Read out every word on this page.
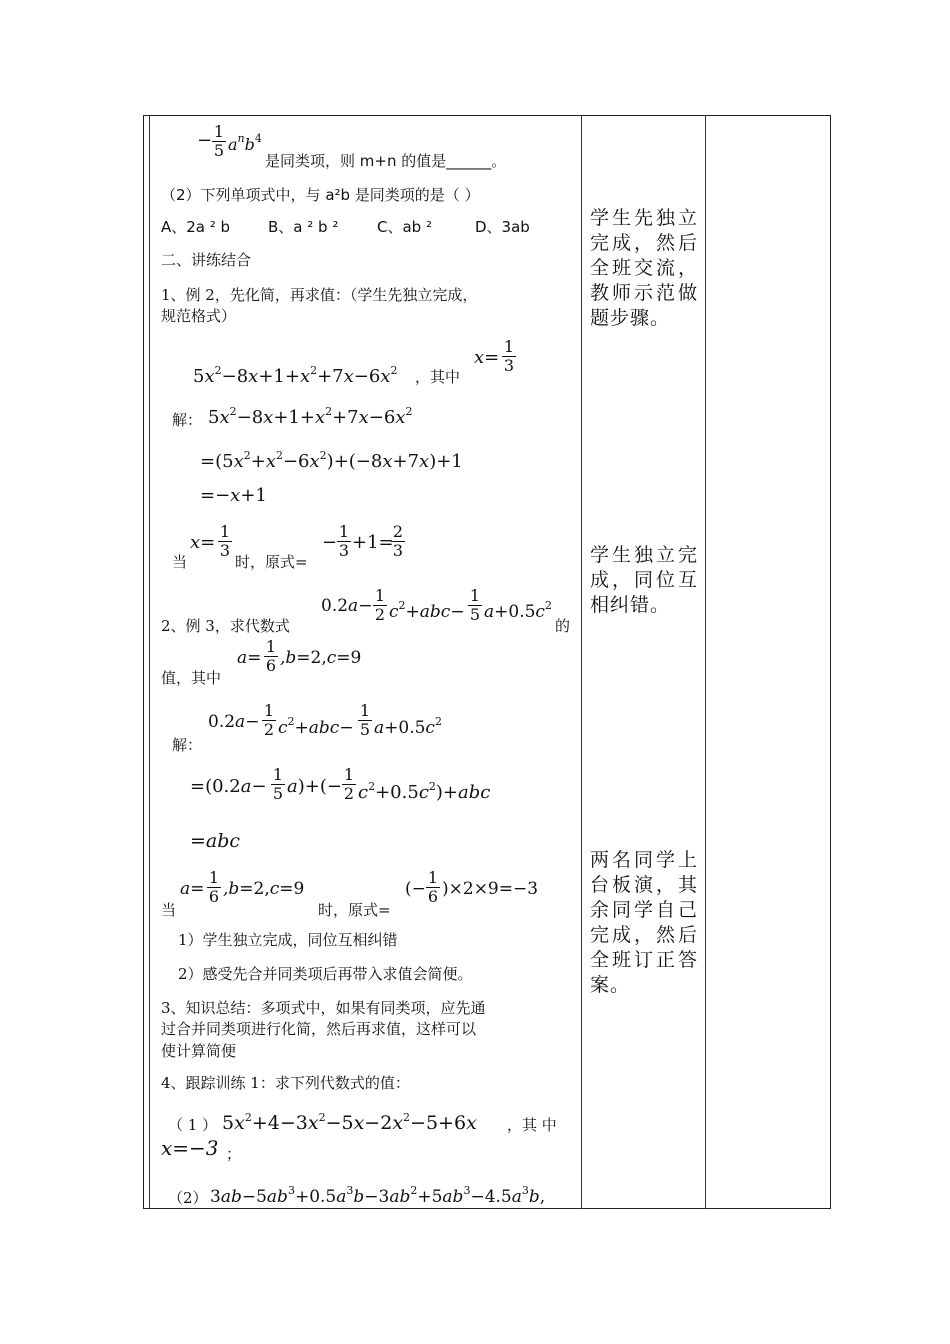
− $\frac{1}{5} a^nb^4$
是同类项，则 m+n 的值是______。
（2）下列单项式中，与 a²b 是同类项的是（ ）
A、2a ² b	B、a ² b ²	C、ab ²	D、3ab
二、讲练结合
1、例 2，先化简，再求值：（学生先独立完成，
规范格式）
$5x^2-8x+1+x^2+7x-6x^2$ ，其中
$x= \frac{1}{3}$
解： $5x^2-8x+1+x^2+7x-6x^2$
$=(5x^2+x^2-6x^2)+(-8x+7x)+1$
=−x+1
当
$x= \frac{1}{3}$
时，原式=
− $\frac{1}{3} +1=$
$\frac{2}{3}$
2、例 3，求代数式
$0.2a- \frac{1}{2} c^2+abc- \frac{1}{5} a+0.5c^2$
的
值，其中
$a= \frac{1}{6} ,b=2,c=9$
解：
$0.2a- \frac{1}{2} c^2+abc- \frac{1}{5} a+0.5c^2$
$=(0.2a- \frac{1}{5} a)+(- \frac{1}{2} c^2+0.5c^2)+abc$
=abc
当
$a= \frac{1}{6} ,b=2,c=9$
时，原式=
(− $\frac{1}{6} )\times 2\times 9=-3$
1）学生独立完成，同位互相纠错
2）感受先合并同类项后再带入求值会简便。
3、知识总结：多项式中，如果有同类项，应先通
过合并同类项进行化简，然后再求值，这样可以
使计算简便
4、跟踪训练 1：求下列代数式的值：
（ 1 ） $5x^2+4-3x^2-5x-2x^2-5+6x$ ，其 中
x=−3 ；
（2） $3ab-5ab^3+0.5a^3b-3ab^2+5ab^3-4.5a^3b$,
学生先独立完成，然后全班交流，教师示范做题步骤。
学生独立完成，同位互相纠错。
两名同学上台板演，其余同学自己完成，然后全班订正答案。
